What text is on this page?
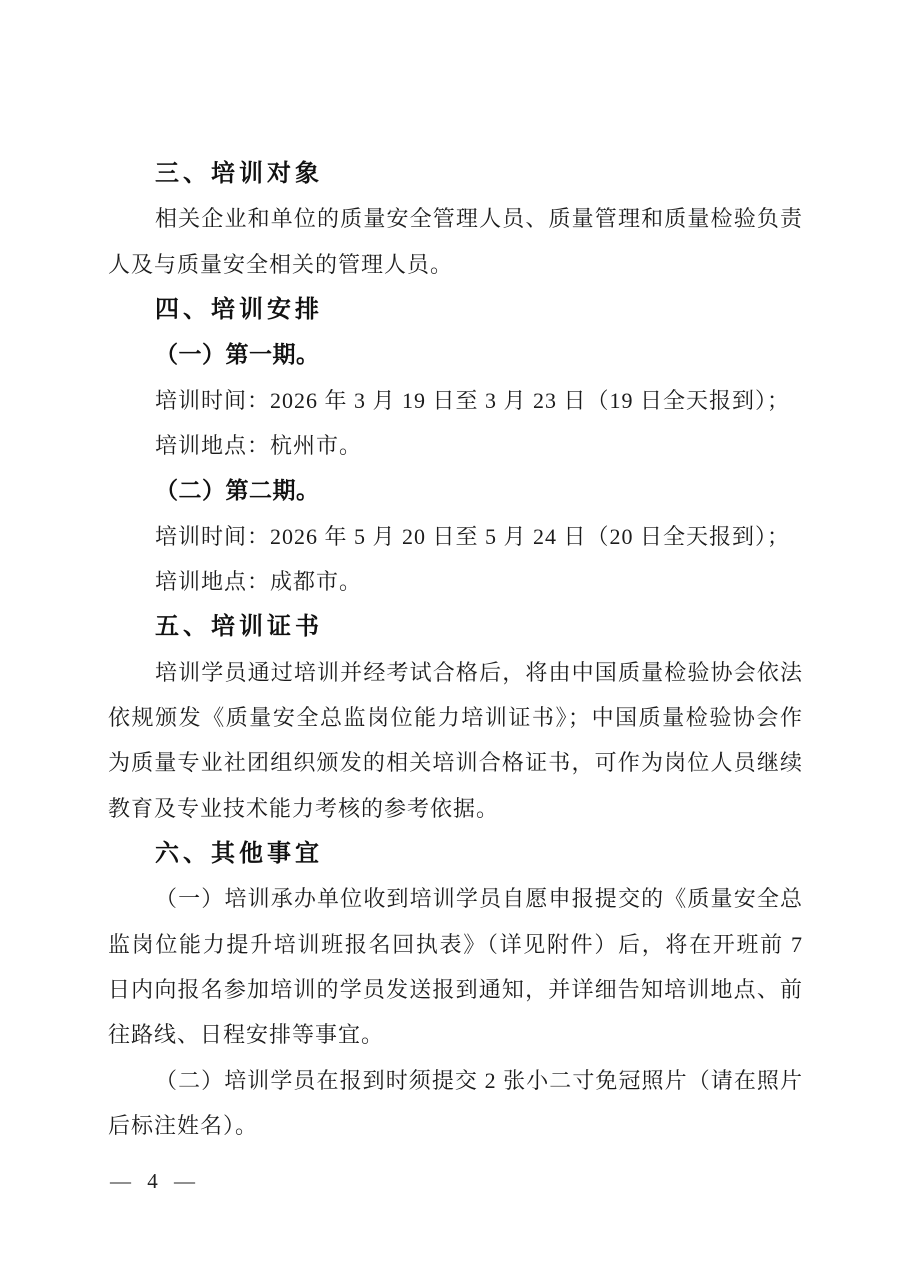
三、培训对象
相关企业和单位的质量安全管理人员、质量管理和质量检验负责
人及与质量安全相关的管理人员。
四、培训安排
（一）第一期。
培训时间：2026 年 3 月 19 日至 3 月 23 日（19 日全天报到）；
培训地点：杭州市。
（二）第二期。
培训时间：2026 年 5 月 20 日至 5 月 24 日（20 日全天报到）；
培训地点：成都市。
五、培训证书
培训学员通过培训并经考试合格后，将由中国质量检验协会依法
依规颁发《质量安全总监岗位能力培训证书》；中国质量检验协会作
为质量专业社团组织颁发的相关培训合格证书，可作为岗位人员继续
教育及专业技术能力考核的参考依据。
六、其他事宜
（一）培训承办单位收到培训学员自愿申报提交的《质量安全总
监岗位能力提升培训班报名回执表》（详见附件）后，将在开班前 7
日内向报名参加培训的学员发送报到通知，并详细告知培训地点、前
往路线、日程安排等事宜。
（二）培训学员在报到时须提交 2 张小二寸免冠照片（请在照片
后标注姓名）。
— 4 —
